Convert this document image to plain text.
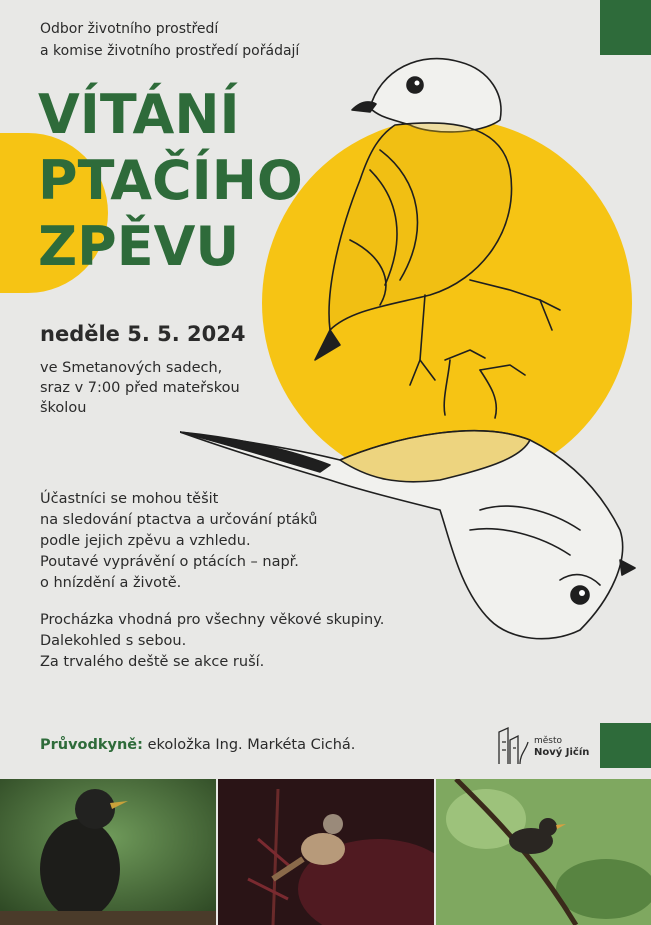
Odbor životního prostředí
a komise životního prostředí pořádají
VÍTÁNÍ
PTAČÍHO
ZPĚVU
neděle 5. 5. 2024
ve Smetanových sadech,
sraz v 7:00 před mateřskou
školou

Účastníci se mohou těšit
na sledování ptactva a určování ptáků
podle jejich zpěvu a vzhledu.
Poutavé vyprávění o ptácích – např.
o hnízdění a životě.

Procházka vhodná pro všechny věkové skupiny.
Dalekohled s sebou.
Za trvalého deště se akce ruší.

Průvodkyně: ekoložka Ing. Markéta Cichá.	město
Nový Jičín
